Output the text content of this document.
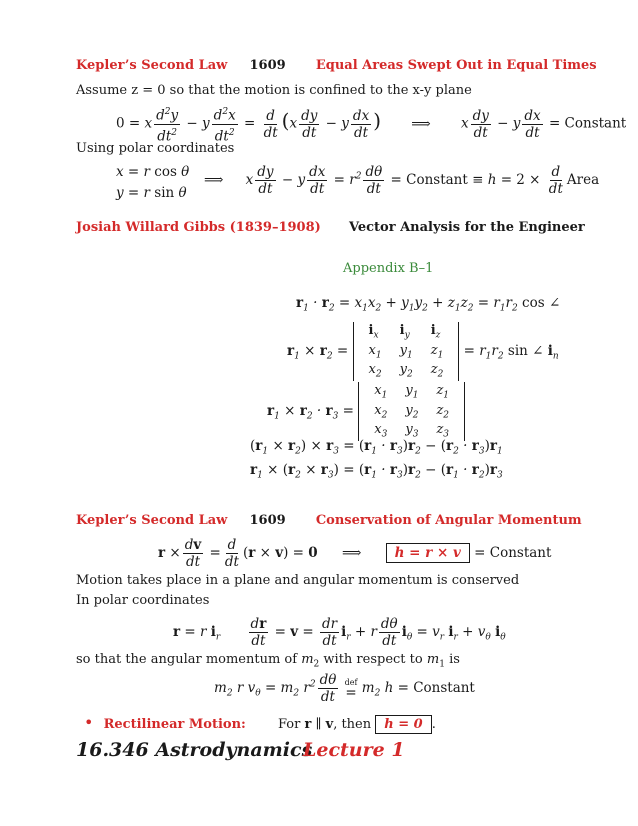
Kepler’s Second Law 1609 Equal Areas Swept Out in Equal Times
Assume z = 0 so that the motion is confined to the x-y plane
0 = x $\frac{d^2y}{dt^2} - y \frac{d^2x}{dt^2} = \frac{d}{dt} (x \frac{dy}{dt} - y \frac{dx}{dt}$ ) ⟹ x $\frac{dy}{dt} - y \frac{dx}{dt}$ = Constant
Using polar coordinates
x = r cos θ
y = r sin θ
⟹ x $\frac{dy}{dt} - y \frac{dx}{dt} = r^2 \frac{d\theta}{dt}$ = Constant ≡ $h = 2 \times \frac{d}{dt}$ Area
Josiah Willard Gibbs (1839–1908) Vector Analysis for the Engineer
Appendix B–1
$r_1 \cdot r_2 = x_1x_2 + y_1y_2 + z_1z_2 = r_1r_2$ cos ∠
$r_1 \times r_2$ =
$i_x$	$i_y$	$i_z$
$x_1$	$y_1$	$z_1$
$x_2$	$y_2$	$z_2$
= $r_1r_2$ sin ∠ $i_n$
$r_1 \times r_2 \cdot r_3$ =
$x_1$	$y_1$	$z_1$
$x_2$	$y_2$	$z_2$
$x_3$	$y_3$	$z_3$
$(r_1 \times r_2) \times r_3 = (r_1 \cdot r_3)r_2 - (r_2 \cdot r_3)r_1$
$r_1 \times (r_2 \times r_3) = (r_1 \cdot r_3)r_2 - (r_1 \cdot r_2)r_3$
Kepler’s Second Law 1609 Conservation of Angular Momentum
$r \times \frac{dv}{dt} = \frac{d}{dt} (r \times v) = 0$ ⟹ h = r × v = Constant
Motion takes place in a plane and angular momentum is conserved
In polar coordinates
r = r $i_r \frac{dr}{dt} = v = \frac{dr}{dt} i_r + r \frac{d\theta}{dt} i_\theta = v_r$ $i_r + v_\theta$ $i_\theta$
so that the angular momentum of $m_2$ with respect to $m_1$ is
$m_2$ r $v_\theta = m_2$ $r^2 \frac{d\theta}{dt}$
def
= $m_2$ h = Constant
• Rectilinear Motion: For r ∥ v, then h = 0 .
16.346 Astrodynamics
Lecture 1
